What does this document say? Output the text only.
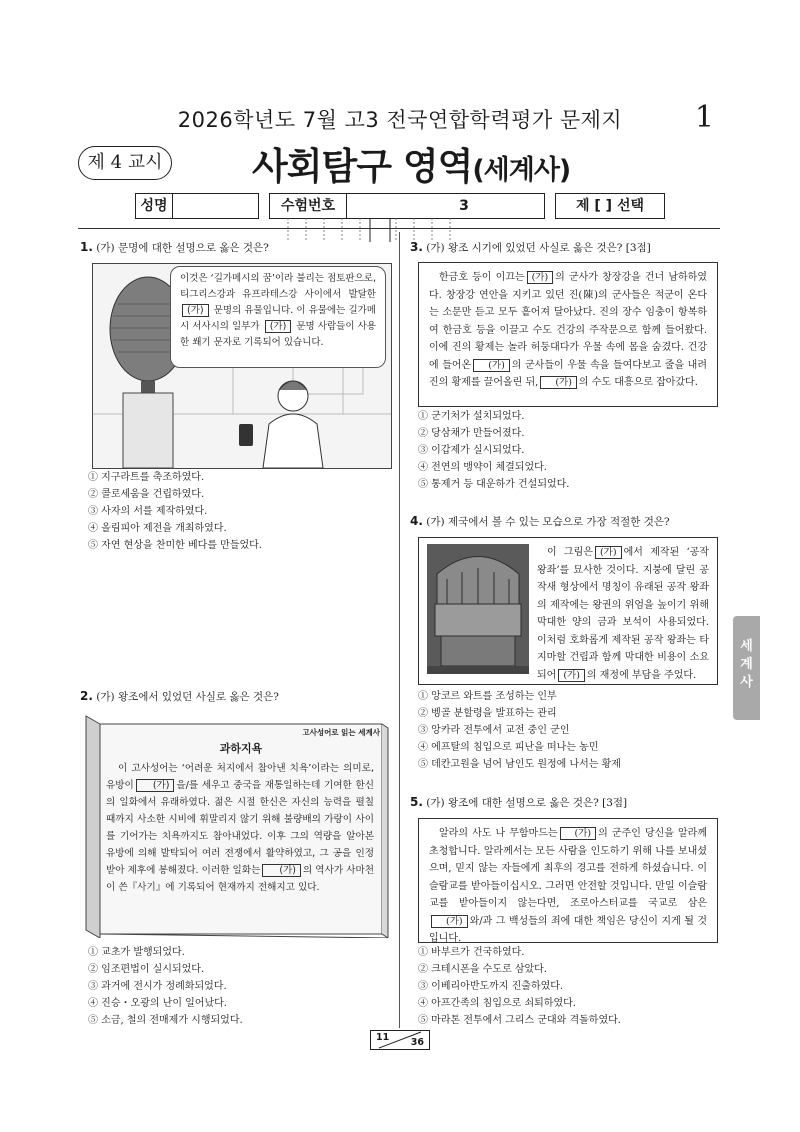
2026학년도 7월 고3 전국연합학력평가 문제지	1
제 4 교시 사회탐구 영역(세계사)
성명	수험번호	3	제 [ ] 선택
1. (가) 문명에 대한 설명으로 옳은 것은?
이것은 ‘길가메시의 꿈’이라 불리는 점토판으로, 티그리스강과 유프라테스강 사이에서 발달한 (가) 문명의 유물입니다. 이 유물에는 길가메시 서사시의 일부가 (가) 문명 사람들이 사용한 쐐기 문자로 기록되어 있습니다.
① 지구라트를 축조하였다.
② 콜로세움을 건립하였다.
③ 사자의 서를 제작하였다.
④ 올림피아 제전을 개최하였다.
⑤ 자연 현상을 찬미한 베다를 만들었다.
2. (가) 왕조에서 있었던 사실로 옳은 것은?
고사성어로 읽는 세계사
과하지욕
이 고사성어는 ‘어려운 처지에서 참아낸 치욕’이라는 의미로, 유방이 (가) 을/를 세우고 중국을 재통일하는데 기여한 한신의 일화에서 유래하였다. 젊은 시절 한신은 자신의 능력을 펼칠 때까지 사소한 시비에 휘말리지 않기 위해 불량배의 가랑이 사이를 기어가는 치욕까지도 참아내었다. 이후 그의 역량을 알아본 유방에 의해 발탁되어 여러 전쟁에서 활약하였고, 그 공을 인정받아 제후에 봉해졌다. 이러한 일화는 (가) 의 역사가 사마천이 쓴『사기』에 기록되어 현재까지 전해지고 있다.
① 교초가 발행되었다.
② 임조편법이 실시되었다.
③ 과거에 전시가 정례화되었다.
④ 진승・오광의 난이 일어났다.
⑤ 소금, 철의 전매제가 시행되었다.
3. (가) 왕조 시기에 있었던 사실로 옳은 것은? [3점]
한금호 등이 이끄는 (가) 의 군사가 창장강을 건너 남하하였다. 창장강 연안을 지키고 있던 진(陳)의 군사들은 적군이 온다는 소문만 듣고 모두 흩어져 달아났다. 진의 장수 임충이 항복하여 한금호 등을 이끌고 수도 건강의 주작문으로 함께 들어왔다. 이에 진의 황제는 놀라 허둥대다가 우물 속에 몸을 숨겼다. 건강에 들어온 (가) 의 군사들이 우물 속을 들여다보고 줄을 내려 진의 황제를 끌어올린 뒤, (가) 의 수도 대흥으로 잡아갔다.
① 군기처가 설치되었다.
② 당삼채가 만들어졌다.
③ 이갑제가 실시되었다.
④ 전연의 맹약이 체결되었다.
⑤ 통제거 등 대운하가 건설되었다.
4. (가) 제국에서 볼 수 있는 모습으로 가장 적절한 것은?
이 그림은 (가) 에서 제작된 ‘공작 왕좌’를 묘사한 것이다. 지붕에 달린 공작새 형상에서 명칭이 유래된 공작 왕좌의 제작에는 왕권의 위엄을 높이기 위해 막대한 양의 금과 보석이 사용되었다. 이처럼 호화롭게 제작된 공작 왕좌는 타지마할 건립과 함께 막대한 비용이 소요되어 (가) 의 재정에 부담을 주었다.
① 앙코르 와트를 조성하는 인부
② 벵골 분할령을 발표하는 관리
③ 앙카라 전투에서 교전 중인 군인
④ 에프탈의 침입으로 피난을 떠나는 농민
⑤ 데칸고원을 넘어 남인도 원정에 나서는 황제
5. (가) 왕조에 대한 설명으로 옳은 것은? [3점]
알라의 사도 나 무함마드는 (가) 의 군주인 당신을 알라께 초청합니다. 알라께서는 모든 사람을 인도하기 위해 나를 보내셨으며, 믿지 않는 자들에게 최후의 경고를 전하게 하셨습니다. 이슬람교를 받아들이십시오. 그러면 안전할 것입니다. 만일 이슬람교를 받아들이지 않는다면, 조로아스터교를 국교로 삼은(가) 와/과 그 백성들의 죄에 대한 책임은 당신이 지게 될 것입니다.
① 바부르가 건국하였다.
② 크테시폰을 수도로 삼았다.
③ 이베리아반도까지 진출하였다.
④ 아프간족의 침입으로 쇠퇴하였다.
⑤ 마라톤 전투에서 그리스 군대와 격돌하였다.
세계사
11 36
